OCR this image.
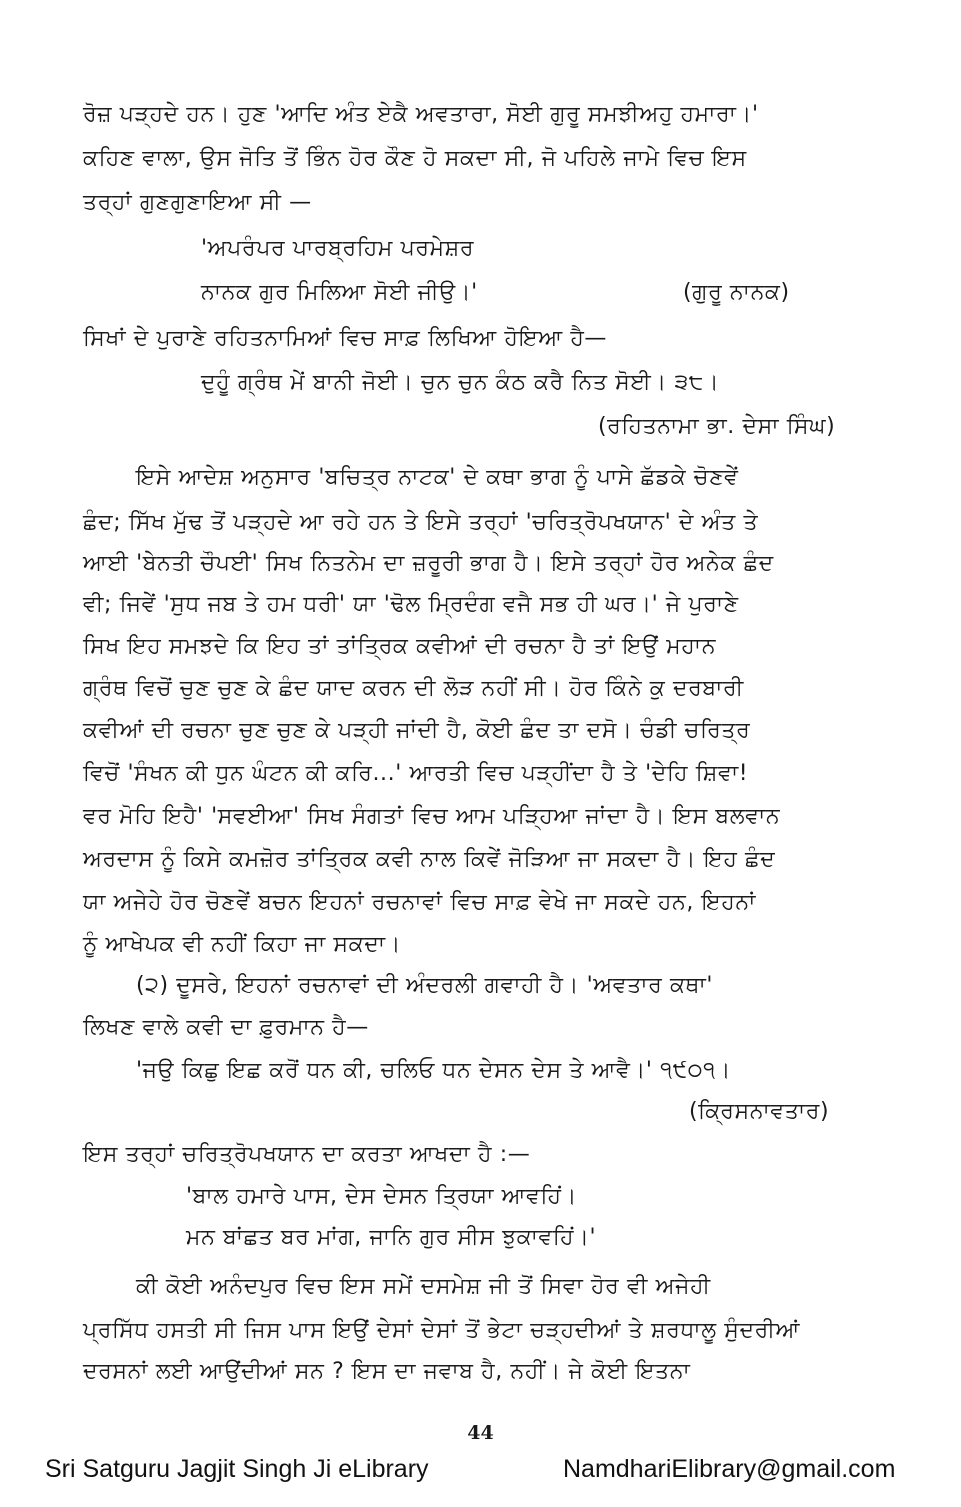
ਰੋਜ਼ ਪੜ੍ਹਦੇ ਹਨ। ਹੁਣ 'ਆਦਿ ਅੰਤ ਏਕੈ ਅਵਤਾਰਾ, ਸੋਈ ਗੁਰੂ ਸਮਝੀਅਹੁ ਹਮਾਰਾ।'
ਕਹਿਣ ਵਾਲਾ, ਉਸ ਜੋਤਿ ਤੋਂ ਭਿੰਨ ਹੋਰ ਕੌਣ ਹੋ ਸਕਦਾ ਸੀ, ਜੋ ਪਹਿਲੇ ਜਾਮੇ ਵਿਚ ਇਸ
ਤਰ੍ਹਾਂ ਗੁਣਗੁਣਾਇਆ ਸੀ —
'ਅਪਰੰਪਰ ਪਾਰਬ੍ਰਹਿਮ ਪਰਮੇਸ਼ਰ
ਨਾਨਕ ਗੁਰ ਮਿਲਿਆ ਸੋਈ ਜੀਉ।'	(ਗੁਰੂ ਨਾਨਕ)
ਸਿਖਾਂ ਦੇ ਪੁਰਾਣੇ ਰਹਿਤਨਾਮਿਆਂ ਵਿਚ ਸਾਫ਼ ਲਿਖਿਆ ਹੋਇਆ ਹੈ—
ਦੁਹੂੰ ਗ੍ਰੰਥ ਮੇਂ ਬਾਨੀ ਜੋਈ। ਚੁਨ ਚੁਨ ਕੰਠ ਕਰੈ ਨਿਤ ਸੋਈ। ੩੮।
(ਰਹਿਤਨਾਮਾ ਭਾ. ਦੇਸਾ ਸਿੰਘ)
ਇਸੇ ਆਦੇਸ਼ ਅਨੁਸਾਰ 'ਬਚਿਤ੍ਰ ਨਾਟਕ' ਦੇ ਕਥਾ ਭਾਗ ਨੂੰ ਪਾਸੇ ਛੱਡਕੇ ਚੋਣਵੇਂ
ਛੰਦ; ਸਿੱਖ ਮੁੱਢ ਤੋਂ ਪੜ੍ਹਦੇ ਆ ਰਹੇ ਹਨ ਤੇ ਇਸੇ ਤਰ੍ਹਾਂ 'ਚਰਿਤ੍ਰੋਪਖਯਾਨ' ਦੇ ਅੰਤ ਤੇ
ਆਈ 'ਬੇਨਤੀ ਚੌਪਈ' ਸਿਖ ਨਿਤਨੇਮ ਦਾ ਜ਼ਰੂਰੀ ਭਾਗ ਹੈ। ਇਸੇ ਤਰ੍ਹਾਂ ਹੋਰ ਅਨੇਕ ਛੰਦ
ਵੀ; ਜਿਵੇਂ 'ਸੁਧ ਜਬ ਤੇ ਹਮ ਧਰੀ' ਯਾ 'ਢੋਲ ਮ੍ਰਿਦੰਗ ਵਜੈ ਸਭ ਹੀ ਘਰ।' ਜੇ ਪੁਰਾਣੇ
ਸਿਖ ਇਹ ਸਮਝਦੇ ਕਿ ਇਹ ਤਾਂ ਤਾਂਤ੍ਰਿਕ ਕਵੀਆਂ ਦੀ ਰਚਨਾ ਹੈ ਤਾਂ ਇਉਂ ਮਹਾਨ
ਗ੍ਰੰਥ ਵਿਚੋਂ ਚੁਣ ਚੁਣ ਕੇ ਛੰਦ ਯਾਦ ਕਰਨ ਦੀ ਲੋੜ ਨਹੀਂ ਸੀ। ਹੋਰ ਕਿੰਨੇ ਕੁ ਦਰਬਾਰੀ
ਕਵੀਆਂ ਦੀ ਰਚਨਾ ਚੁਣ ਚੁਣ ਕੇ ਪੜ੍ਹੀ ਜਾਂਦੀ ਹੈ, ਕੋਈ ਛੰਦ ਤਾ ਦਸੋ। ਚੰਡੀ ਚਰਿਤ੍ਰ
ਵਿਚੋਂ 'ਸੰਖਨ ਕੀ ਧੁਨ ਘੰਟਨ ਕੀ ਕਰਿ...' ਆਰਤੀ ਵਿਚ ਪੜ੍ਹੀਂਦਾ ਹੈ ਤੇ 'ਦੇਹਿ ਸ਼ਿਵਾ!
ਵਰ ਮੋਹਿ ਇਹੈ' 'ਸਵਈਆ' ਸਿਖ ਸੰਗਤਾਂ ਵਿਚ ਆਮ ਪੜ੍ਹਿਆ ਜਾਂਦਾ ਹੈ। ਇਸ ਬਲਵਾਨ
ਅਰਦਾਸ ਨੂੰ ਕਿਸੇ ਕਮਜ਼ੋਰ ਤਾਂਤ੍ਰਿਕ ਕਵੀ ਨਾਲ ਕਿਵੇਂ ਜੋੜਿਆ ਜਾ ਸਕਦਾ ਹੈ। ਇਹ ਛੰਦ
ਯਾ ਅਜੇਹੇ ਹੋਰ ਚੋਣਵੇਂ ਬਚਨ ਇਹਨਾਂ ਰਚਨਾਵਾਂ ਵਿਚ ਸਾਫ਼ ਵੇਖੇ ਜਾ ਸਕਦੇ ਹਨ, ਇਹਨਾਂ
ਨੂੰ ਆਖੇਪਕ ਵੀ ਨਹੀਂ ਕਿਹਾ ਜਾ ਸਕਦਾ।
(੨) ਦੂਸਰੇ, ਇਹਨਾਂ ਰਚਨਾਵਾਂ ਦੀ ਅੰਦਰਲੀ ਗਵਾਹੀ ਹੈ। 'ਅਵਤਾਰ ਕਥਾ'
ਲਿਖਣ ਵਾਲੇ ਕਵੀ ਦਾ ਫ਼ੁਰਮਾਨ ਹੈ—
'ਜਉ ਕਿਛੁ ਇਛ ਕਰੋਂ ਧਨ ਕੀ, ਚਲਿਓ ਧਨ ਦੇਸਨ ਦੇਸ ਤੇ ਆਵੈ।' ੧੯੦੧।
(ਕ੍ਰਿਸਨਾਵਤਾਰ)
ਇਸ ਤਰ੍ਹਾਂ ਚਰਿਤ੍ਰੋਪਖਯਾਨ ਦਾ ਕਰਤਾ ਆਖਦਾ ਹੈ :—
'ਬਾਲ ਹਮਾਰੇ ਪਾਸ, ਦੇਸ ਦੇਸਨ ਤ੍ਰਿਯਾ ਆਵਹਿਂ।
ਮਨ ਬਾਂਛਤ ਬਰ ਮਾਂਗ, ਜਾਨਿ ਗੁਰ ਸੀਸ ਝੁਕਾਵਹਿਂ।'
ਕੀ ਕੋਈ ਅਨੰਦਪੁਰ ਵਿਚ ਇਸ ਸਮੇਂ ਦਸਮੇਸ਼ ਜੀ ਤੋਂ ਸਿਵਾ ਹੋਰ ਵੀ ਅਜੇਹੀ
ਪ੍ਰਸਿੱਧ ਹਸਤੀ ਸੀ ਜਿਸ ਪਾਸ ਇਉਂ ਦੇਸਾਂ ਦੇਸਾਂ ਤੋਂ ਭੇਟਾ ਚੜ੍ਹਦੀਆਂ ਤੇ ਸ਼ਰਧਾਲੂ ਸੁੰਦਰੀਆਂ
ਦਰਸਨਾਂ ਲਈ ਆਉਂਦੀਆਂ ਸਨ ? ਇਸ ਦਾ ਜਵਾਬ ਹੈ, ਨਹੀਂ। ਜੇ ਕੋਈ ਇਤਨਾ
44
Sri Satguru Jagjit Singh Ji eLibrary	NamdhariElibrary@gmail.com
